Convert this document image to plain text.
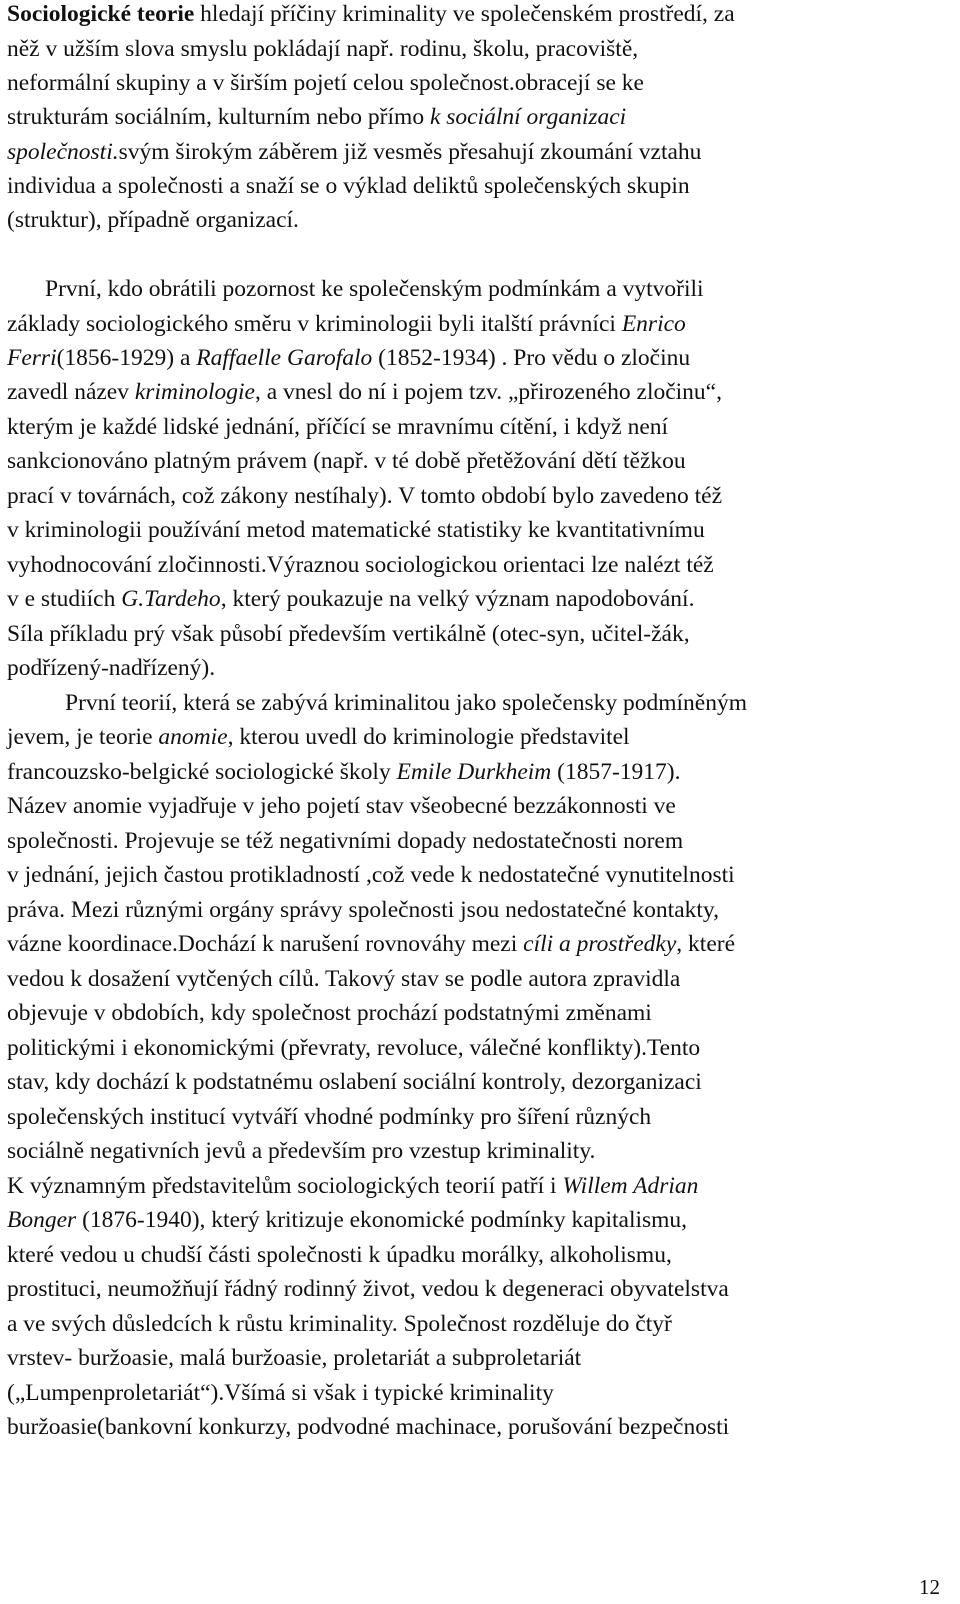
Sociologické teorie hledají příčiny kriminality ve společenském prostředí, za
něž v užším slova smyslu pokládají např. rodinu, školu, pracoviště,
neformální skupiny a v širším pojetí celou společnost.obracejí se ke
strukturám sociálním, kulturním nebo přímo k sociální organizaci
společnosti.svým širokým záběrem již vesměs přesahují zkoumání vztahu
individua a společnosti a snaží se o výklad deliktů společenských skupin
(struktur), případně organizací.
První, kdo obrátili pozornost ke společenským podmínkám a vytvořili
základy sociologického směru v kriminologii byli italští právníci Enrico
Ferri(1856-1929) a Raffaelle Garofalo (1852-1934) . Pro vědu o zločinu
zavedl název kriminologie, a vnesl do ní i pojem tzv. „přirozeného zločinu“,
kterým je každé lidské jednání, příčící se mravnímu cítění, i když není
sankcionováno platným právem (např. v té době přetěžování dětí těžkou
prací v továrnách, což zákony nestíhaly). V tomto období bylo zavedeno též
v kriminologii používání metod matematické statistiky ke kvantitativnímu
vyhodnocování zločinnosti.Výraznou sociologickou orientaci lze nalézt též
v e studiích G.Tardeho, který poukazuje na velký význam napodobování.
Síla příkladu prý však působí především vertikálně (otec-syn, učitel-žák,
podřízený-nadřízený).
První teorií, která se zabývá kriminalitou jako společensky podmíněným
jevem, je teorie anomie, kterou uvedl do kriminologie představitel
francouzsko-belgické sociologické školy Emile Durkheim (1857-1917).
Název anomie vyjadřuje v jeho pojetí stav všeobecné bezzákonnosti ve
společnosti. Projevuje se též negativními dopady nedostatečnosti norem
v jednání, jejich častou protikladností ,což vede k nedostatečné vynutitelnosti
práva. Mezi různými orgány správy společnosti jsou nedostatečné kontakty,
vázne koordinace.Dochází k narušení rovnováhy mezi cíli a prostředky, které
vedou k dosažení vytčených cílů. Takový stav se podle autora zpravidla
objevuje v obdobích, kdy společnost prochází podstatnými změnami
politickými i ekonomickými (převraty, revoluce, válečné konflikty).Tento
stav, kdy dochází k podstatnému oslabení sociální kontroly, dezorganizaci
společenských institucí vytváří vhodné podmínky pro šíření různých
sociálně negativních jevů a především pro vzestup kriminality.
K významným představitelům sociologických teorií patří i Willem Adrian
Bonger (1876-1940), který kritizuje ekonomické podmínky kapitalismu,
které vedou u chudší části společnosti k úpadku morálky, alkoholismu,
prostituci, neumožňují řádný rodinný život, vedou k degeneraci obyvatelstva
a ve svých důsledcích k růstu kriminality. Společnost rozděluje do čtyř
vrstev- buržoasie, malá buržoasie, proletariát a subproletariát
(„Lumpenproletariát“).Všímá si však i typické kriminality
buržoasie(bankovní konkurzy, podvodné machinace, porušování bezpečnosti
12
